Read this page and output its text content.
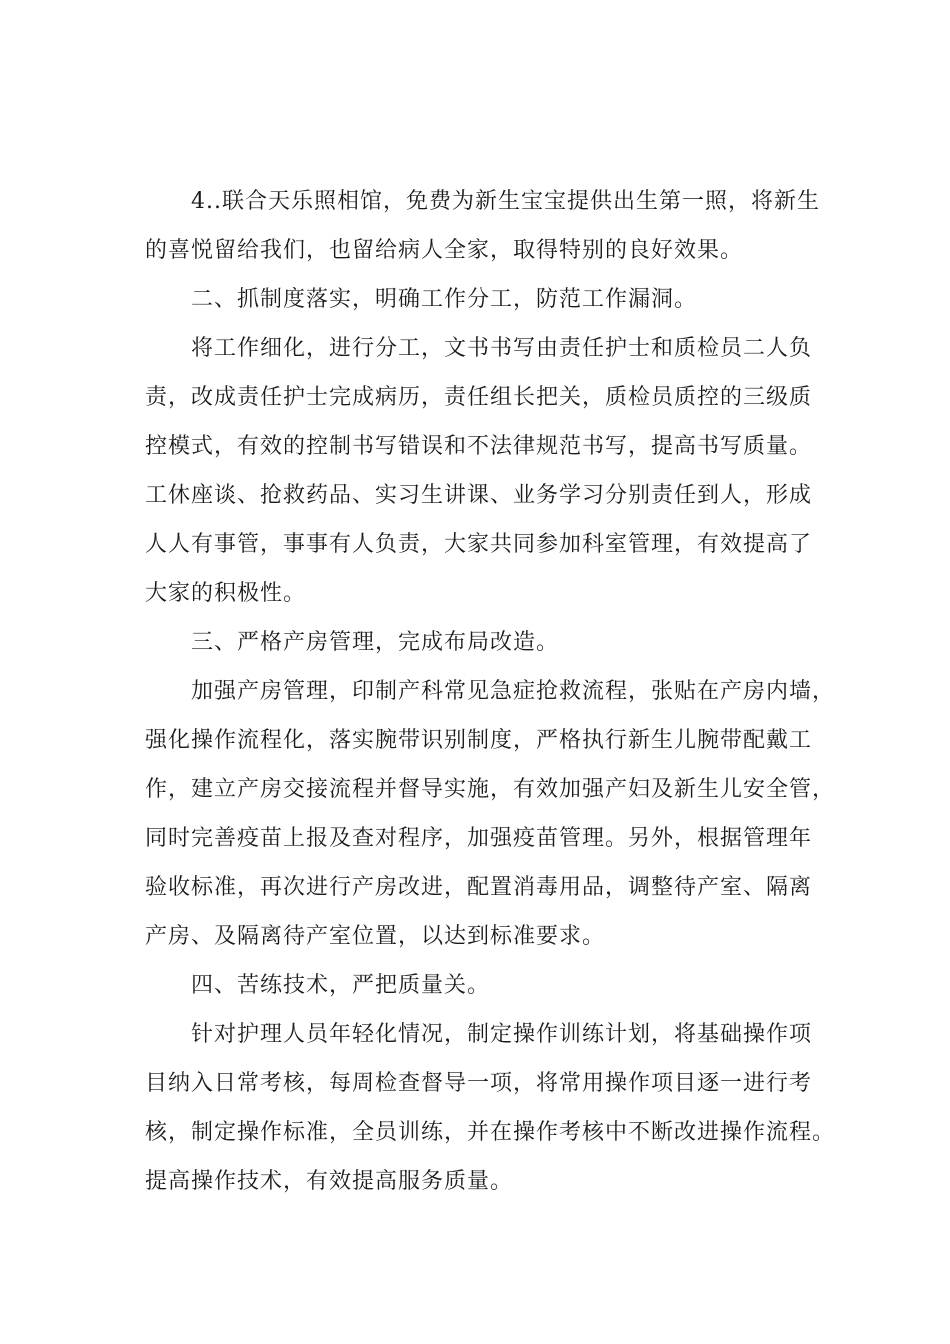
4..联合天乐照相馆，免费为新生宝宝提供出生第一照，将新生
的喜悦留给我们，也留给病人全家，取得特别的良好效果。
二、抓制度落实，明确工作分工，防范工作漏洞。
将工作细化，进行分工，文书书写由责任护士和质检员二人负
责，改成责任护士完成病历，责任组长把关，质检员质控的三级质
控模式，有效的控制书写错误和不法律规范书写，提高书写质量。
工休座谈、抢救药品、实习生讲课、业务学习分别责任到人，形成
人人有事管，事事有人负责，大家共同参加科室管理，有效提高了
大家的积极性。
三、严格产房管理，完成布局改造。
加强产房管理，印制产科常见急症抢救流程，张贴在产房内墙，
强化操作流程化，落实腕带识别制度，严格执行新生儿腕带配戴工
作，建立产房交接流程并督导实施，有效加强产妇及新生儿安全管，
同时完善疫苗上报及查对程序，加强疫苗管理。另外，根据管理年
验收标准，再次进行产房改进，配置消毒用品，调整待产室、隔离
产房、及隔离待产室位置，以达到标准要求。
四、苦练技术，严把质量关。
针对护理人员年轻化情况，制定操作训练计划，将基础操作项
目纳入日常考核，每周检查督导一项，将常用操作项目逐一进行考
核，制定操作标准，全员训练，并在操作考核中不断改进操作流程。
提高操作技术，有效提高服务质量。
